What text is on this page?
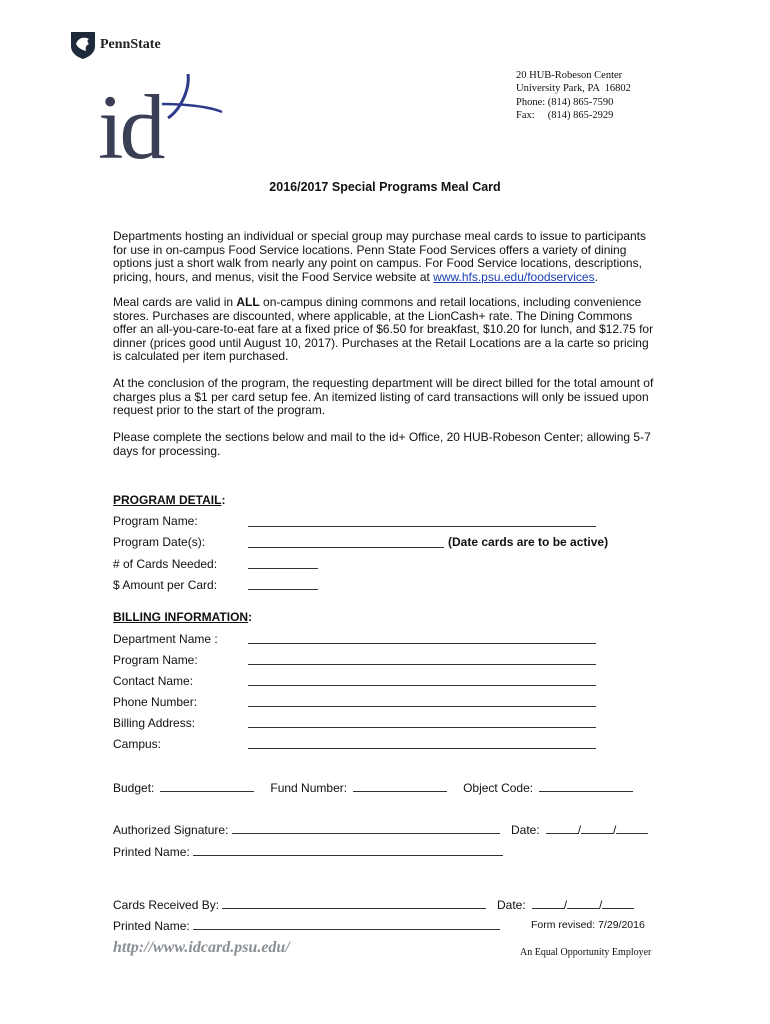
PennState
id
20 HUB-Robeson Center
University Park, PA  16802
Phone: (814) 865-7590
Fax:     (814) 865-2929
2016/2017 Special Programs Meal Card
Departments hosting an individual or special group may purchase meal cards to issue to participants for use in on-campus Food Service locations. Penn State Food Services offers a variety of dining options just a short walk from nearly any point on campus. For Food Service locations, descriptions, pricing, hours, and menus, visit the Food Service website at www.hfs.psu.edu/foodservices.
Meal cards are valid in ALL on-campus dining commons and retail locations, including convenience stores. Purchases are discounted, where applicable, at the LionCash+ rate. The Dining Commons offer an all-you-care-to-eat fare at a fixed price of $6.50 for breakfast, $10.20 for lunch, and $12.75 for dinner (prices good until August 10, 2017). Purchases at the Retail Locations are a la carte so pricing is calculated per item purchased.
At the conclusion of the program, the requesting department will be direct billed for the total amount of charges plus a $1 per card setup fee. An itemized listing of card transactions will only be issued upon request prior to the start of the program.
Please complete the sections below and mail to the id+ Office, 20 HUB-Robeson Center; allowing 5-7 days for processing.
PROGRAM DETAIL:
Program Name:
Program Date(s):	(Date cards are to be active)
# of Cards Needed:
$ Amount per Card:
BILLING INFORMATION:
Department Name :
Program Name:
Contact Name:
Phone Number:
Billing Address:
Campus:
Budget:	Fund Number:	Object Code:
Authorized Signature:	Date:	/	/
Printed Name:
Cards Received By:	Date:	/	/
Printed Name:	Form revised: 7/29/2016
http://www.idcard.psu.edu/	An Equal Opportunity Employer
